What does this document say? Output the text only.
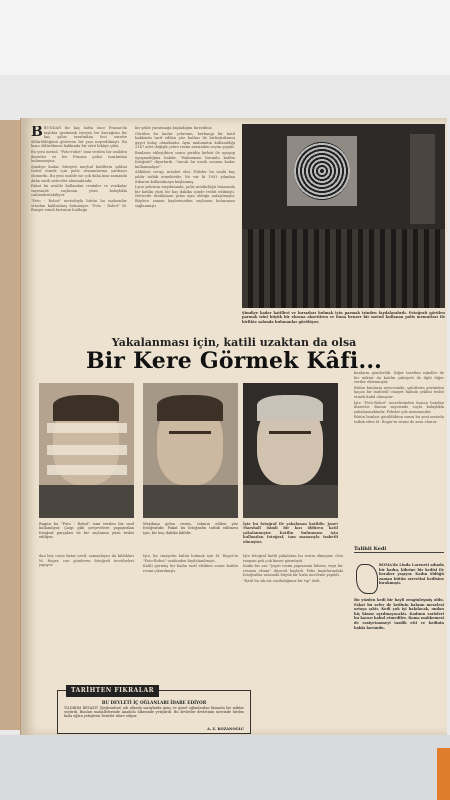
BBUNDAN bir kaç hafta önce Fransa'da taşlıkta gezinmek isteyen bir kızcağızın bir kaç şahıs tarafından feci surette öldürüldüğünü gösteren bir yazı neşredilmişti. Bu kızın öldürülmesi hakkında bir sürü hikâye çıktı.

Bu yeni metod, "Foto-robot" ismi verilen bir usulden ibarettir ve bir Fransız polisi tarafından bulunmuştur.

Şimdiye kadar, hüviyeti meçhul katillerin şeklini tesbit etmek için polis ressamlarına yardımcı olunurdu. Bu yeni usulde ise çok daha kısa zamanda daha sarih neticeler alınmaktadır.

Fakat bu usulde kullanılan resimler ve vesikalar sayesinde suçlunun yüzü kolaylıkla canlandırılabiliyor.

"Foto - Robot" metoduyla bütün bu mahzurlar ortadan kaldırılmış bulunuyor. "Foto - Robot" M. Burger isimli birisinin bulduğu

bir şekle yaratmağa başladığını farzediniz.

Görülen bu kadar çehrenin, herhangi bir katil hakkında tarif edilen yüz hatları ile birleştirilmesi gayet kolay olmaktadır. Aynı malumatın kullanıldığı 2147 adet değişik çehre resmi arasından seçim yapılır.

Bunların ekleştikten sonra şeridin birbiri ile uyuşup uyuşmadığına bakılır. "Bulunması lüzumlu katilin fotoğrafı" diyorlardı. "Ancak bu usulü sonuna kadar kullanmalıyız".

Aldıkları cevap, müsbet olur. Polisler bu usulü kaç yıldır tatbik etmektedir. Ne var ki 1953 yılından itibaren kullanılmaya başlanmış.

Lyon şehrinin meydanında, polis müdürlüğü binasında bir katilin yüzü bir kaç dakika içinde tesbit edilmişti. Neticede tutuklanan şahıs aynı olduğu anlaşılmıştır. Böylece zaman kaybetmeden suçlunun bulunması sağlanmıştı.

Şimdiye kadar katilleri ve hırsızları bulmak için parmak izinden faydalanılırdı. Fotoğrafı görülen parmak izini büyük bir ekrana aksettiren ve buna benzer bir metod kullanan polis memurları ile birlikte salonda bulunanlar görülüyor.
Yakalanması için, katili uzaktan da olsa
Bir Kere Görmek Kâfi...
Bugün bu "Foto - Robot" ismi verilen bir usul kullanılıyor. Çizgi gibi çerçevelere yapıştırılan fotoğraf parçaları ile bir suçlunun yüzü tesbit ediliyor.
Meydana gelen resim, tahmin edilen yüz fotoğrafıdır. Fakat bu fotoğrafın tatbik edilmesi için, bir kaç dakika kâfidir.
İşte bu fotoğraf ile yakalanan katildir. Janet Marshall isimli bir kızı öldüren katil yakalanmıştır. Katilin bulunması için kullanılan fotoğraf, tam manasıyla isabetli olmuştur.

dan bey ceme katar nevil, zamanlayıcı da kıldıkları M. Roger, can gönderen fotoğrafı tecrübeleri yapıyor.

İşte, bu cinayetin failini bulmak için M. Roger'in "Foto-Robot" usulünden faydalanılmıştı.

Katili görmüş bir kadın tarif ettikten sonra katilin resmi çıkarılmıştı.

İşte fotoğraf katili yakalatan bu resim olmuştur. Onu tanıyan pek çok kimse görmüştü.

Kadın bir ara "Şayet resim yapmasını bilsem, veya bir ressam olsam" diyerek başladı. Polis kayıtlarındaki fotoğraflar arasında büyük bir hızla inceleme yapıldı.

"Katil bu sık sık rastladığımız bir tip" dedi.

bunların gönderildi. Diğer taraftan eşkaller ile bir miktar da katilin şahsiyeti ile ilgili diğer veriler eklenmiştir.

Bütün bunların neticesinde, şahitlerin gözünden kaçan bir muhtelif cinayet failinin şeklini tesbit etmek kabil olmuştur.

İşte "Foto-Robot" meselesinden kısaca bundan ibarettir. Bunun sayesinde suçlu kolaylıkla yakalanmaktadır. Polisler çok memnundur.

Bütün bunları görüldükten sonra bu yeni metodu tatbik eden M. Roger'in resmi de arzu olunur.

Talihli Kedi
ROMA'da Linda Loreneti adında bir kadın, kibrine bir kedisi ile beraber yaşıyor. Kadın öldüğü zaman bütün servetini kedisine bırakmıştı.
Bu yüzden kedi bir hayli zenginleşmiş oldu. Fakat bu sefer de kedinin bakımı meselesi ortaya çıktı. Kedi çok iyi bakılacak, ondan hiç kimse ayrılmayacaktı. Kadının varisleri bu kararı kabul etmediler. Roma mahkemesi de vasiyetnameyi tasdik etti ve kedinin hakkı korundu.
TARİHTEN FIKRALAR
BU DEVLETİ İÇ OĞLANLARI İDARE EDİYOR
YILDIRIM BEYAZIT (Şeyhzadesi) adı altında saraylarda genç ve güzel oğlanlardan lüzumlu bir miktar seçtirdi. Bunları mahallelerinde Anadolu ülkesinde yetiştirdi. Bu devletler devletinin üzerinde birden fazla oğlan yetiştiren Vezirler idare ediyor.
A. Z. KOZANOĞLU
